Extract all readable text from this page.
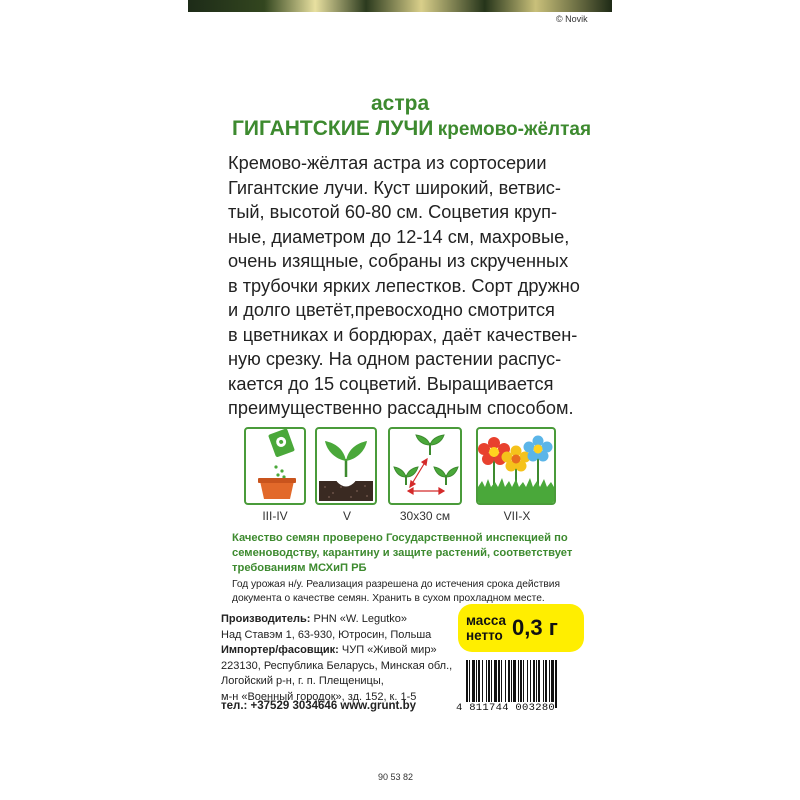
© Novik
астра
ГИГАНТСКИЕ ЛУЧИ кремово-жёлтая
Кремово-жёлтая астра из сортосерии
Гигантские лучи. Куст широкий, ветвис-
тый, высотой 60-80 см. Соцветия круп-
ные, диаметром до 12-14 см, махровые,
очень изящные, собраны из скрученных
в трубочки ярких лепестков. Сорт дружно
и долго цветёт,превосходно смотрится
в цветниках и бордюрах, даёт качествен-
ную срезку. На одном растении распус-
кается до 15 соцветий. Выращивается
преимущественно рассадным способом.
III-IV	V	30x30 см	VII-X
Качество семян проверено Государственной инспекцией по
семеноводству, карантину и защите растений, соответствует
требованиям МСХиП РБ
Год урожая н/у. Реализация разрешена до истечения срока действия
документа о качестве семян. Хранить в сухом прохладном месте.
Производитель: PHN «W. Legutko»
Над Ставэм 1, 63-930, Ютросин, Польша
Импортер/фасовщик: ЧУП «Живой мир»
223130, Республика Беларусь, Минская обл.,
Логойский р-н, г. п. Плещеницы,
м-н «Военный городок», зд. 152, к. 1-5
тел.: +37529 3034646 www.grunt.by
масса
нетто 0,3 г
4 811744 003280
90 53 82
